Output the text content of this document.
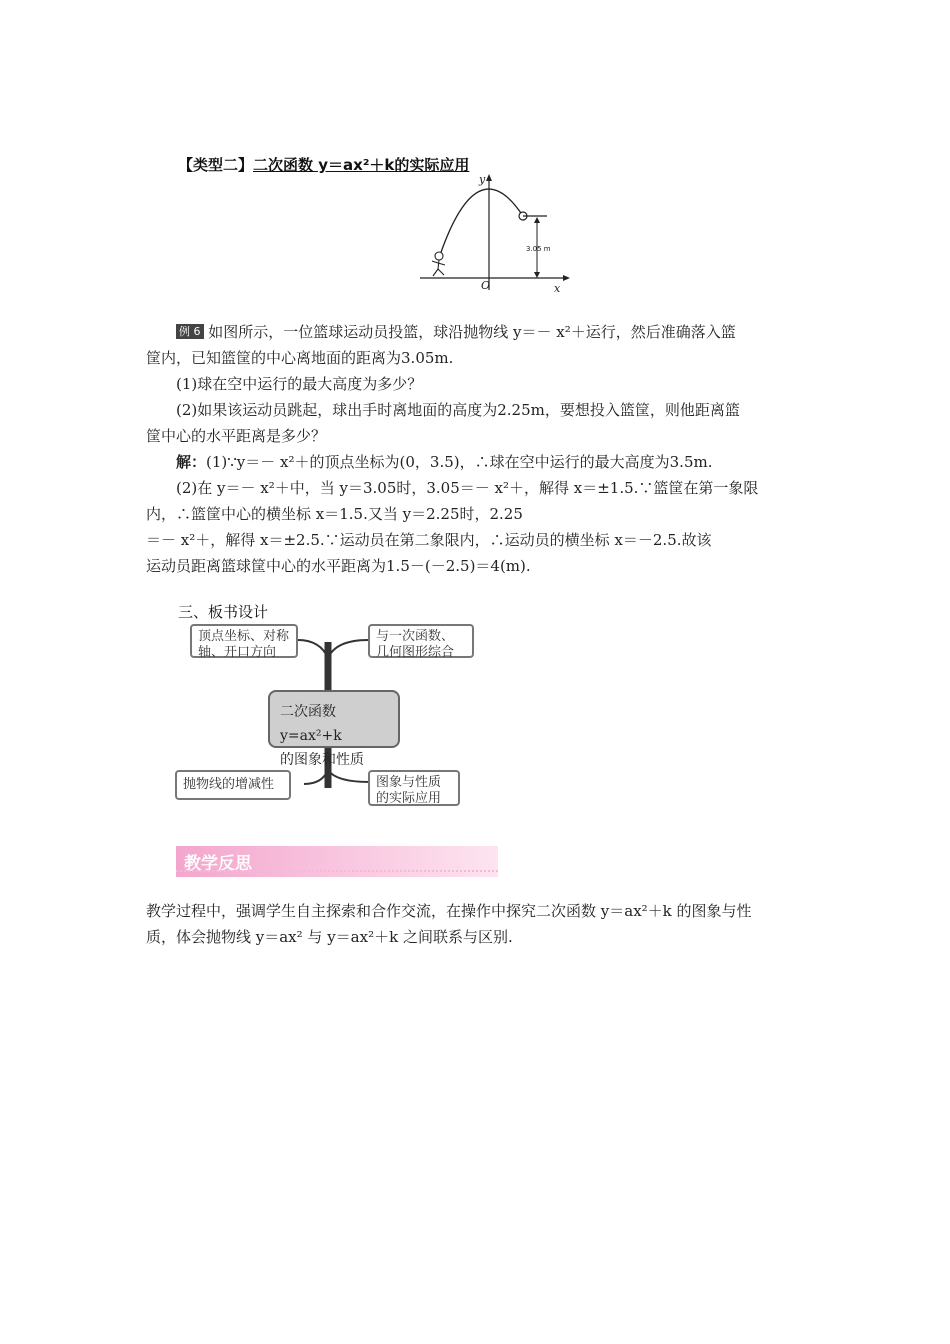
【类型二】二次函数 y＝ax²＋k的实际应用
O	x
y
3.05 m
例 6 如图所示，一位篮球运动员投篮，球沿抛物线 y＝－ x²＋运行，然后准确落入篮
筐内，已知篮筐的中心离地面的距离为3.05m.
(1)球在空中运行的最大高度为多少？
(2)如果该运动员跳起，球出手时离地面的高度为2.25m，要想投入篮筐，则他距离篮
筐中心的水平距离是多少？
解：(1)∵y＝－ x²＋的顶点坐标为(0，3.5)，∴球在空中运行的最大高度为3.5m.
(2)在 y＝－ x²＋中，当 y＝3.05时，3.05＝－ x²＋，解得 x＝±1.5.∵篮筐在第一象限
内，∴篮筐中心的横坐标 x＝1.5.又当 y＝2.25时，2.25
＝－ x²＋，解得 x＝±2.5.∵运动员在第二象限内，∴运动员的横坐标 x＝－2.5.故该
运动员距离篮球筐中心的水平距离为1.5－(－2.5)＝4(m).
三、板书设计
顶点坐标、对称轴、开口方向
与一次函数、几何图形综合
二次函数y=ax²+k
的图象和性质
抛物线的增减性	图象与性质的实际应用
教学反思
教学过程中，强调学生自主探索和合作交流，在操作中探究二次函数 y＝ax²＋k 的图象与性
质，体会抛物线 y＝ax² 与 y＝ax²＋k 之间联系与区别.
